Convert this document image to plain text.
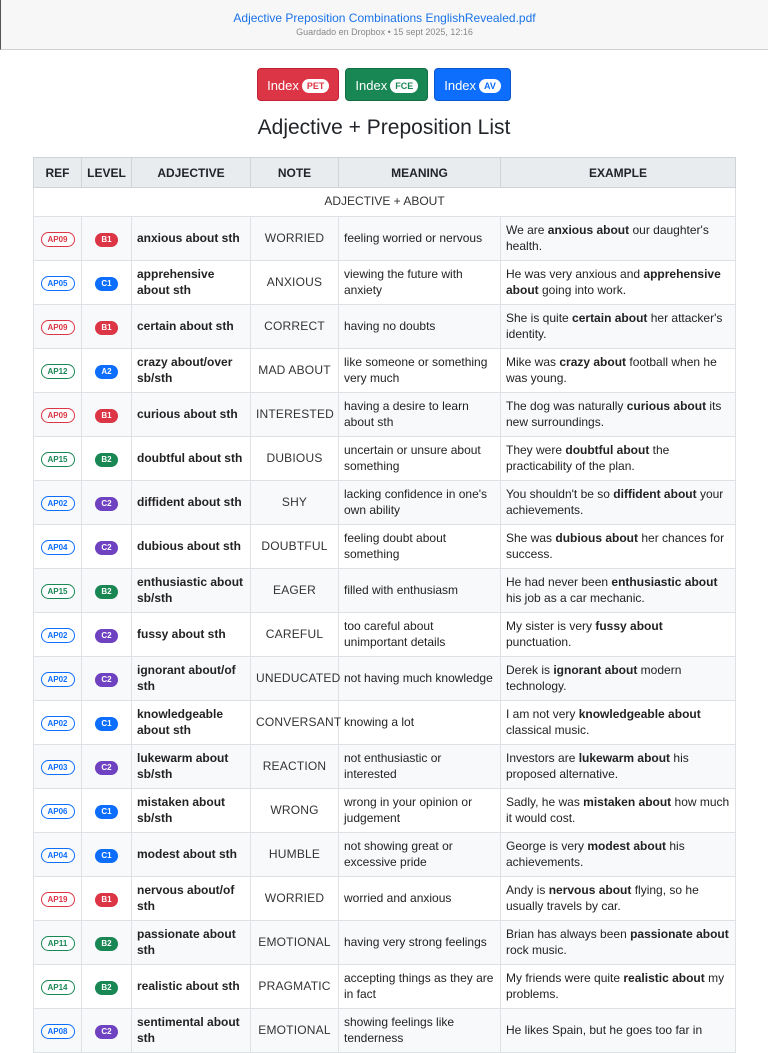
Adjective Preposition Combinations EnglishRevealed.pdf
Guardado en Dropbox • 15 sept 2025, 12:16
Index PET Index FCE Index AV
Adjective + Preposition List
REF	LEVEL	ADJECTIVE	NOTE	MEANING	EXAMPLE
ADJECTIVE + ABOUT					
AP09	B1	anxious about sth	WORRIED	feeling worried or nervous	We are anxious about our daughter's health.
AP05	C1	apprehensive about sth	ANXIOUS	viewing the future with anxiety	He was very anxious and apprehensive about going into work.
AP09	B1	certain about sth	CORRECT	having no doubts	She is quite certain about her attacker's identity.
AP12	A2	crazy about/over sb/sth	MAD ABOUT	like someone or something very much	Mike was crazy about football when he was young.
AP09	B1	curious about sth	INTERESTED	having a desire to learn about sth	The dog was naturally curious about its new surroundings.
AP15	B2	doubtful about sth	DUBIOUS	uncertain or unsure about something	They were doubtful about the practicability of the plan.
AP02	C2	diffident about sth	SHY	lacking confidence in one's own ability	You shouldn't be so diffident about your achievements.
AP04	C2	dubious about sth	DOUBTFUL	feeling doubt about something	She was dubious about her chances for success.
AP15	B2	enthusiastic about sb/sth	EAGER	filled with enthusiasm	He had never been enthusiastic about his job as a car mechanic.
AP02	C2	fussy about sth	CAREFUL	too careful about unimportant details	My sister is very fussy about punctuation.
AP02	C2	ignorant about/of sth	UNEDUCATED	not having much knowledge	Derek is ignorant about modern technology.
AP02	C1	knowledgeable about sth	CONVERSANT	knowing a lot	I am not very knowledgeable about classical music.
AP03	C2	lukewarm about sb/sth	REACTION	not enthusiastic or interested	Investors are lukewarm about his proposed alternative.
AP06	C1	mistaken about sb/sth	WRONG	wrong in your opinion or judgement	Sadly, he was mistaken about how much it would cost.
AP04	C1	modest about sth	HUMBLE	not showing great or excessive pride	George is very modest about his achievements.
AP19	B1	nervous about/of sth	WORRIED	worried and anxious	Andy is nervous about flying, so he usually travels by car.
AP11	B2	passionate about sth	EMOTIONAL	having very strong feelings	Brian has always been passionate about rock music.
AP14	B2	realistic about sth	PRAGMATIC	accepting things as they are in fact	My friends were quite realistic about my problems.
AP08	C2	sentimental about sth	EMOTIONAL	showing feelings like tenderness	He likes Spain, but he goes too far in
